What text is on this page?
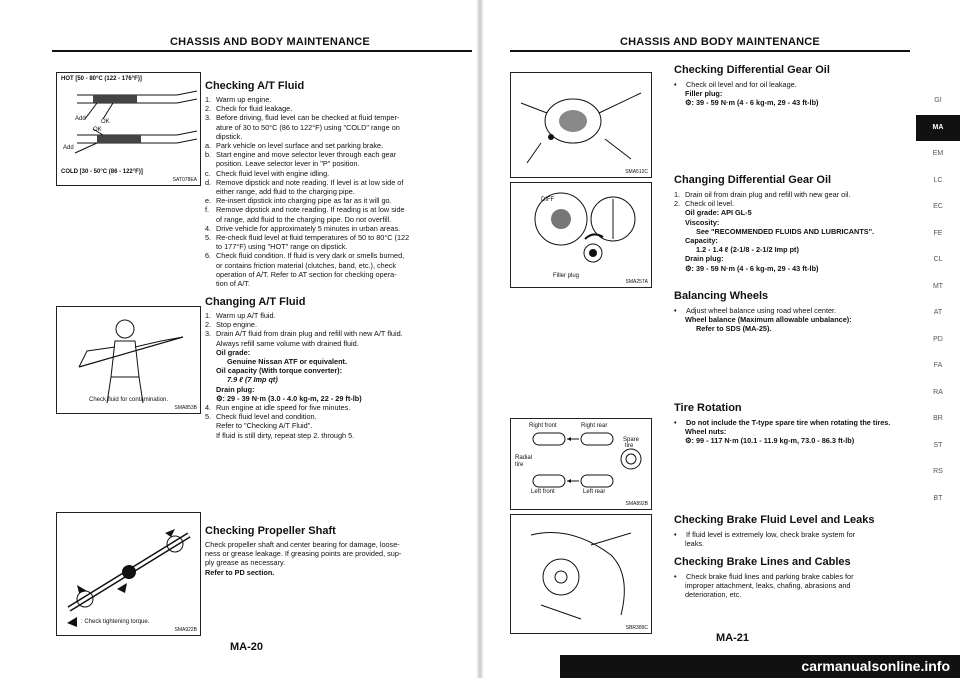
CHASSIS AND BODY MAINTENANCE
HOT [50 - 80°C (122 - 176°F)]
Add	OK
OK
Add
COLD [30 - 50°C (86 - 122°F)]
SAT078EA
Check fluid for contamination.
SMA853B
: Check tightening torque.
SMA922B
Checking A/T Fluid
1. Warm up engine.
2. Check for fluid leakage.
3. Before driving, fluid level can be checked at fluid temper-
ature of 30 to 50°C (86 to 122°F) using "COLD" range on
dipstick.
a. Park vehicle on level surface and set parking brake.
b. Start engine and move selector lever through each gear
position. Leave selector lever in "P" position.
c. Check fluid level with engine idling.
d. Remove dipstick and note reading. If level is at low side of
either range, add fluid to the charging pipe.
e. Re-insert dipstick into charging pipe as far as it will go.
f. Remove dipstick and note reading. If reading is at low side
of range, add fluid to the charging pipe. Do not overfill.
4. Drive vehicle for approximately 5 minutes in urban areas.
5. Re-check fluid level at fluid temperatures of 50 to 80°C (122
to 177°F) using "HOT" range on dipstick.
6. Check fluid condition. If fluid is very dark or smells burned,
or contains friction material (clutches, band, etc.), check
operation of A/T. Refer to AT section for checking opera-
tion of A/T.
Changing A/T Fluid
1. Warm up A/T fluid.
2. Stop engine.
3. Drain A/T fluid from drain plug and refill with new A/T fluid.
Always refill same volume with drained fluid.
Oil grade:
Genuine Nissan ATF or equivalent.
Oil capacity (With torque converter):
7.9 ℓ (7 Imp qt)
Drain plug:
⚙: 29 - 39 N·m (3.0 - 4.0 kg-m, 22 - 29 ft-lb)
4. Run engine at idle speed for five minutes.
5. Check fluid level and condition.
Refer to "Checking A/T Fluid".
If fluid is still dirty, repeat step 2. through 5.
Checking Propeller Shaft
Check propeller shaft and center bearing for damage, loose-
ness or grease leakage. If greasing points are provided, sup-
ply grease as necessary.
Refer to PD section.
MA-20
CHASSIS AND BODY MAINTENANCE
SMA512C
DIFF
Filler plug
SMA257A
Right front	Right rear
Spare
tire
Radial
tire
Left front	Left rear
SMA892B
SBR389C
Checking Differential Gear Oil
•	Check oil level and for oil leakage.
Filler plug:
⚙: 39 - 59 N·m (4 - 6 kg-m, 29 - 43 ft-lb)
Changing Differential Gear Oil
1. Drain oil from drain plug and refill with new gear oil.
2. Check oil level.
Oil grade: API GL-5
Viscosity:
See "RECOMMENDED FLUIDS AND LUBRICANTS".
Capacity:
1.2 - 1.4 ℓ (2-1/8 - 2-1/2 Imp pt)
Drain plug:
⚙: 39 - 59 N·m (4 - 6 kg-m, 29 - 43 ft-lb)
Balancing Wheels
•	Adjust wheel balance using road wheel center.
Wheel balance (Maximum allowable unbalance):
Refer to SDS (MA-25).
Tire Rotation
•	Do not include the T-type spare tire when rotating the tires.
Wheel nuts:
⚙: 99 - 117 N·m (10.1 - 11.9 kg-m, 73.0 - 86.3 ft-lb)
Checking Brake Fluid Level and Leaks
•	If fluid level is extremely low, check brake system for
leaks.
Checking Brake Lines and Cables
•	Check brake fluid lines and parking brake cables for
improper attachment, leaks, chafing, abrasions and
deterioration, etc.
MA-21
GI
MA
EM
LC
EC
FE
CL
MT
AT
PD
FA
RA
BR
ST
RS
BT
carmanualsonline.info
